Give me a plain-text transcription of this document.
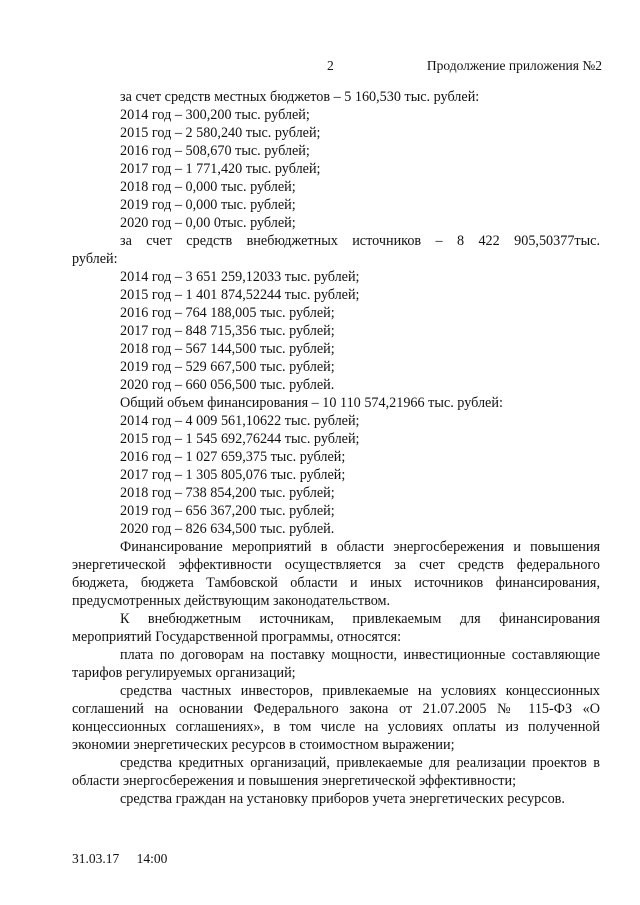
2	Продолжение приложения №2
за счет средств местных бюджетов – 5 160,530 тыс. рублей:
2014 год – 300,200 тыс. рублей;
2015 год – 2 580,240 тыс. рублей;
2016 год – 508,670 тыс. рублей;
2017 год – 1 771,420 тыс. рублей;
2018 год – 0,000 тыс. рублей;
2019 год – 0,000 тыс. рублей;
2020 год – 0,00 0тыс. рублей;
за счет средств внебюджетных источников – 8 422 905,50377тыс.
рублей:
2014 год – 3 651 259,12033 тыс. рублей;
2015 год – 1 401 874,52244 тыс. рублей;
2016 год – 764 188,005 тыс. рублей;
2017 год – 848 715,356 тыс. рублей;
2018 год – 567 144,500 тыс. рублей;
2019 год – 529 667,500 тыс. рублей;
2020 год – 660 056,500 тыс. рублей.
Общий объем финансирования – 10 110 574,21966 тыс. рублей:
2014 год – 4 009 561,10622 тыс. рублей;
2015 год – 1 545 692,76244 тыс. рублей;
2016 год – 1 027 659,375 тыс. рублей;
2017 год – 1 305 805,076 тыс. рублей;
2018 год – 738 854,200 тыс. рублей;
2019 год – 656 367,200 тыс. рублей;
2020 год – 826 634,500 тыс. рублей.
Финансирование мероприятий в области энергосбережения и повышения энергетической эффективности осуществляется за счет средств федерального бюджета, бюджета Тамбовской области и иных источников финансирования, предусмотренных действующим законодательством.
К внебюджетным источникам, привлекаемым для финансирования мероприятий Государственной программы, относятся:
плата по договорам на поставку мощности, инвестиционные составляющие тарифов регулируемых организаций;
средства частных инвесторов, привлекаемые на условиях концессионных соглашений на основании Федерального закона от 21.07.2005 № 115-ФЗ «О концессионных соглашениях», в том числе на условиях оплаты из полученной экономии энергетических ресурсов в стоимостном выражении;
средства кредитных организаций, привлекаемые для реализации проектов в области энергосбережения и повышения энергетической эффективности;
средства граждан на установку приборов учета энергетических ресурсов.
31.03.17 14:00
